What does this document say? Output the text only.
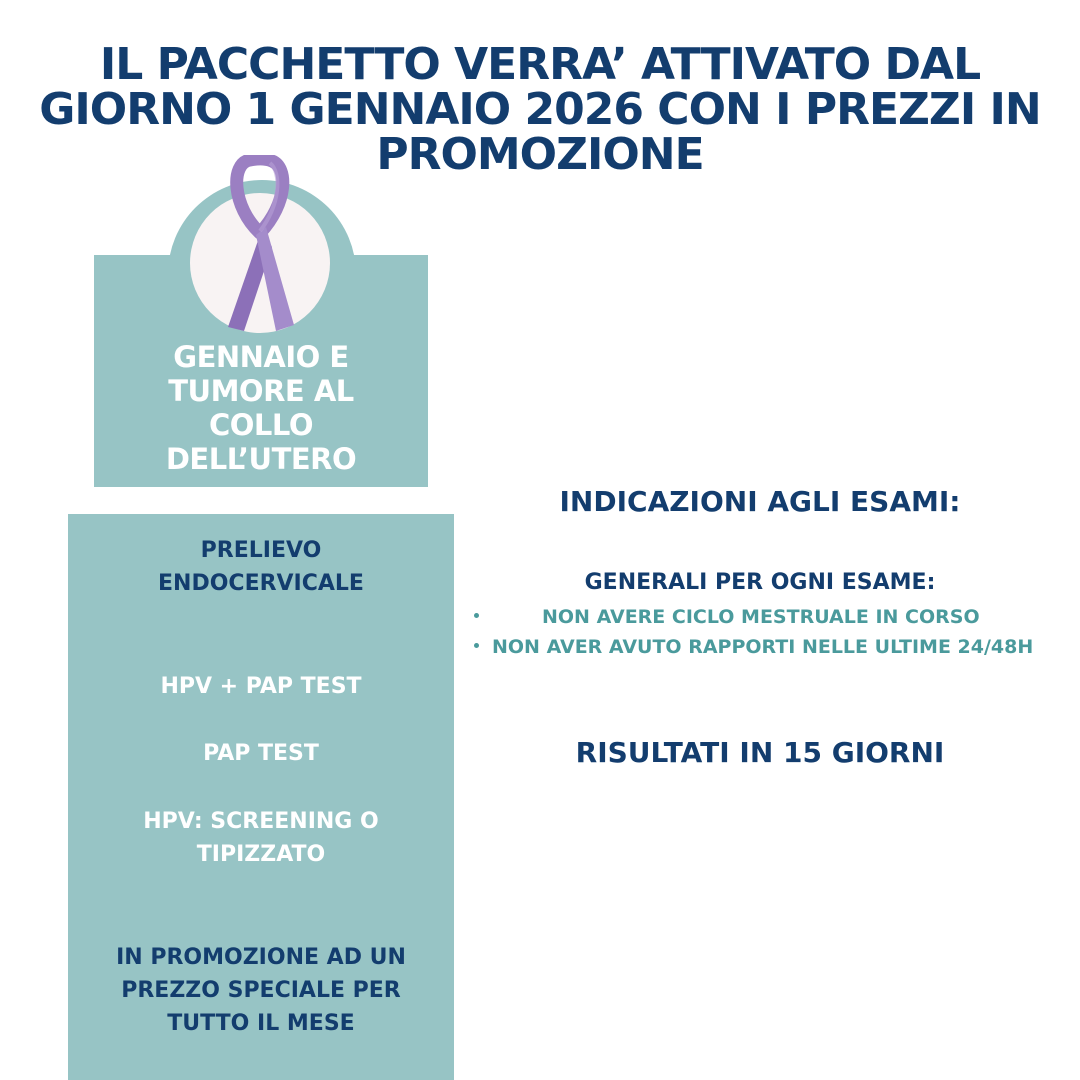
IL PACCHETTO VERRA’ ATTIVATO DAL
GIORNO 1 GENNAIO 2026 CON I PREZZI IN
PROMOZIONE
GENNAIO E
TUMORE AL
COLLO
DELL’UTERO
PRELIEVO
ENDOCERVICALE
HPV + PAP TEST
PAP TEST
HPV: SCREENING O
TIPIZZATO
IN PROMOZIONE AD UN
PREZZO SPECIALE PER
TUTTO IL MESE
INDICAZIONI AGLI ESAMI:
GENERALI PER OGNI ESAME:
NON AVERE CICLO MESTRUALE IN CORSO
NON AVER AVUTO RAPPORTI NELLE ULTIME 24/48H
RISULTATI IN 15 GIORNI
